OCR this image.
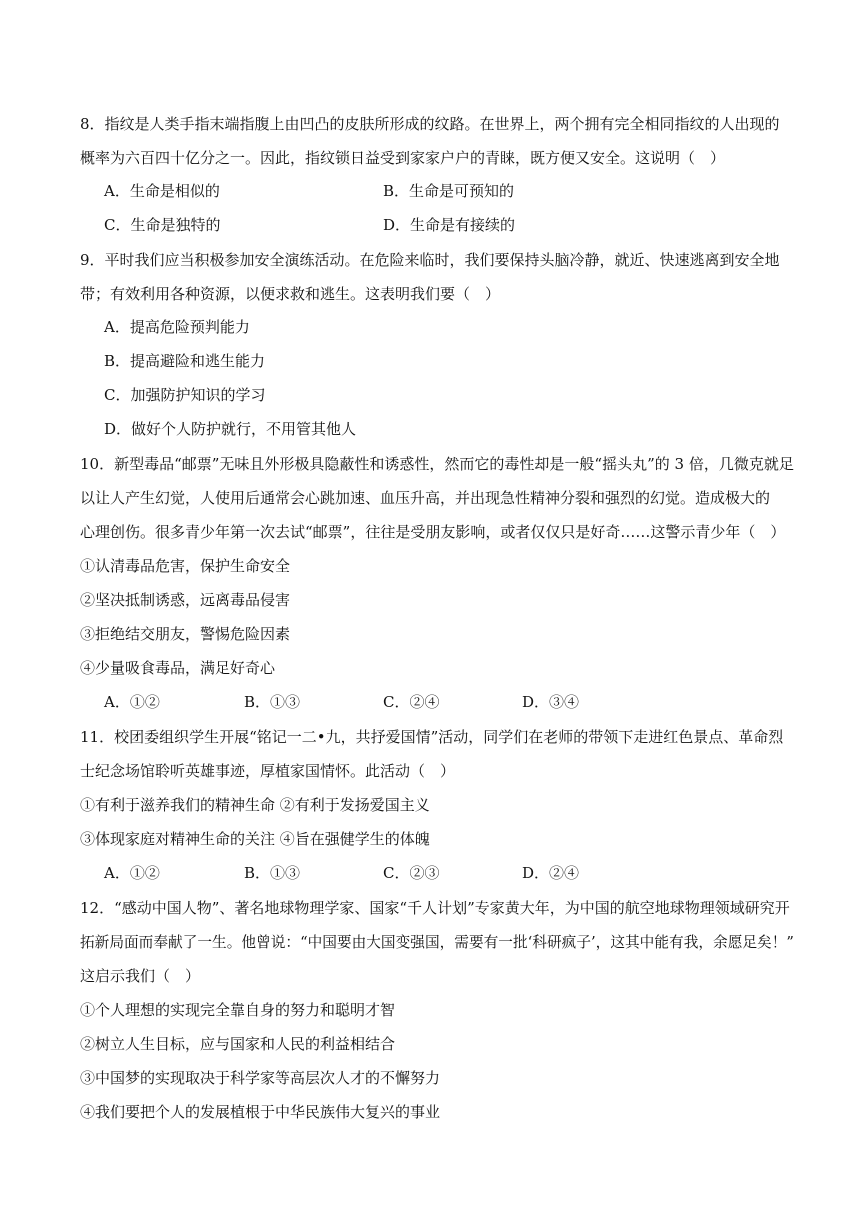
8．指纹是人类手指末端指腹上由凹凸的皮肤所形成的纹路。在世界上，两个拥有完全相同指纹的人出现的
概率为六百四十亿分之一。因此，指纹锁日益受到家家户户的青睐，既方便又安全。这说明（　）
A．生命是相似的	B．生命是可预知的
C．生命是独特的	D．生命是有接续的
9．平时我们应当积极参加安全演练活动。在危险来临时，我们要保持头脑冷静，就近、快速逃离到安全地
带；有效利用各种资源，以便求救和逃生。这表明我们要（　）
A．提高危险预判能力
B．提高避险和逃生能力
C．加强防护知识的学习
D．做好个人防护就行，不用管其他人
10．新型毒品“邮票”无味且外形极具隐蔽性和诱惑性，然而它的毒性却是一般“摇头丸”的 3 倍，几微克就足
以让人产生幻觉，人使用后通常会心跳加速、血压升高，并出现急性精神分裂和强烈的幻觉。造成极大的
心理创伤。很多青少年第一次去试“邮票”，往往是受朋友影响，或者仅仅只是好奇……这警示青少年（　）
①认清毒品危害，保护生命安全
②坚决抵制诱惑，远离毒品侵害
③拒绝结交朋友，警惕危险因素
④少量吸食毒品，满足好奇心
A．①②	B．①③	C．②④	D．③④
11．校团委组织学生开展“铭记一二•九，共抒爱国情”活动，同学们在老师的带领下走进红色景点、革命烈
士纪念场馆聆听英雄事迹，厚植家国情怀。此活动（　）
①有利于滋养我们的精神生命 ②有利于发扬爱国主义
③体现家庭对精神生命的关注 ④旨在强健学生的体魄
A．①②	B．①③	C．②③	D．②④
12．“感动中国人物”、著名地球物理学家、国家“千人计划”专家黄大年，为中国的航空地球物理领域研究开
拓新局面而奉献了一生。他曾说：“中国要由大国变强国，需要有一批‘科研疯子’，这其中能有我，余愿足矣！”
这启示我们（　）
①个人理想的实现完全靠自身的努力和聪明才智
②树立人生目标，应与国家和人民的利益相结合
③中国梦的实现取决于科学家等高层次人才的不懈努力
④我们要把个人的发展植根于中华民族伟大复兴的事业
